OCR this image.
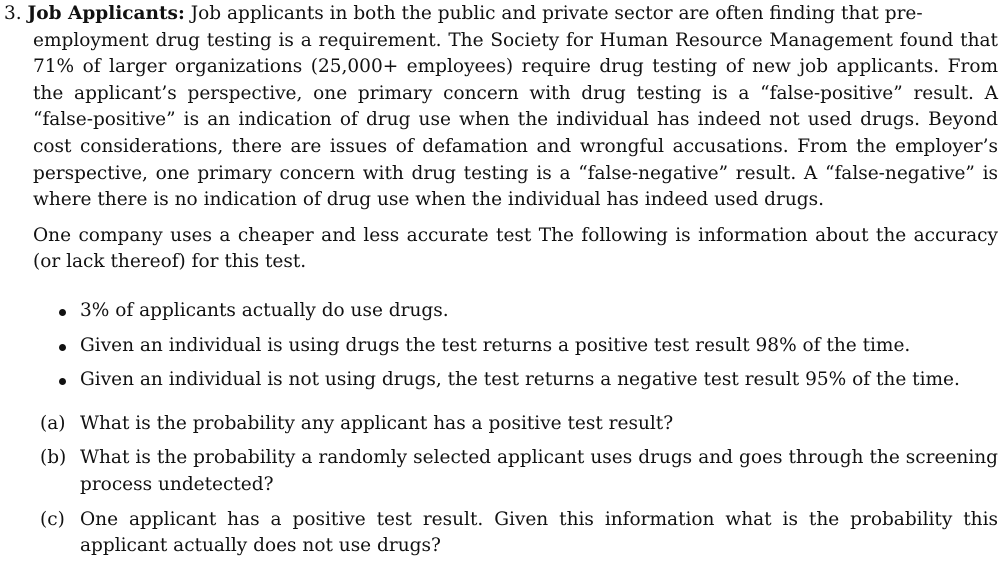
3. Job Applicants: Job applicants in both the public and private sector are often finding that pre-

employment drug testing is a requirement. The Society for Human Resource Management found that 71% of larger organizations (25,000+ employees) require drug testing of new job applicants. From the applicant’s perspective, one primary concern with drug testing is a “false-positive” result. A “false-positive” is an indication of drug use when the individual has indeed not used drugs. Beyond cost considerations, there are issues of defamation and wrongful accusations. From the employer’s perspective, one primary concern with drug testing is a “false-negative” result. A “false-negative” is where there is no indication of drug use when the individual has indeed used drugs.

One company uses a cheaper and less accurate test The following is information about the accuracy (or lack thereof) for this test.

3% of applicants actually do use drugs.
Given an individual is using drugs the test returns a positive test result 98% of the time.
Given an individual is not using drugs, the test returns a negative test result 95% of the time.
(a) What is the probability any applicant has a positive test result?
(b) What is the probability a randomly selected applicant uses drugs and goes through the screening process undetected?
(c) One applicant has a positive test result. Given this information what is the probability this applicant actually does not use drugs?
